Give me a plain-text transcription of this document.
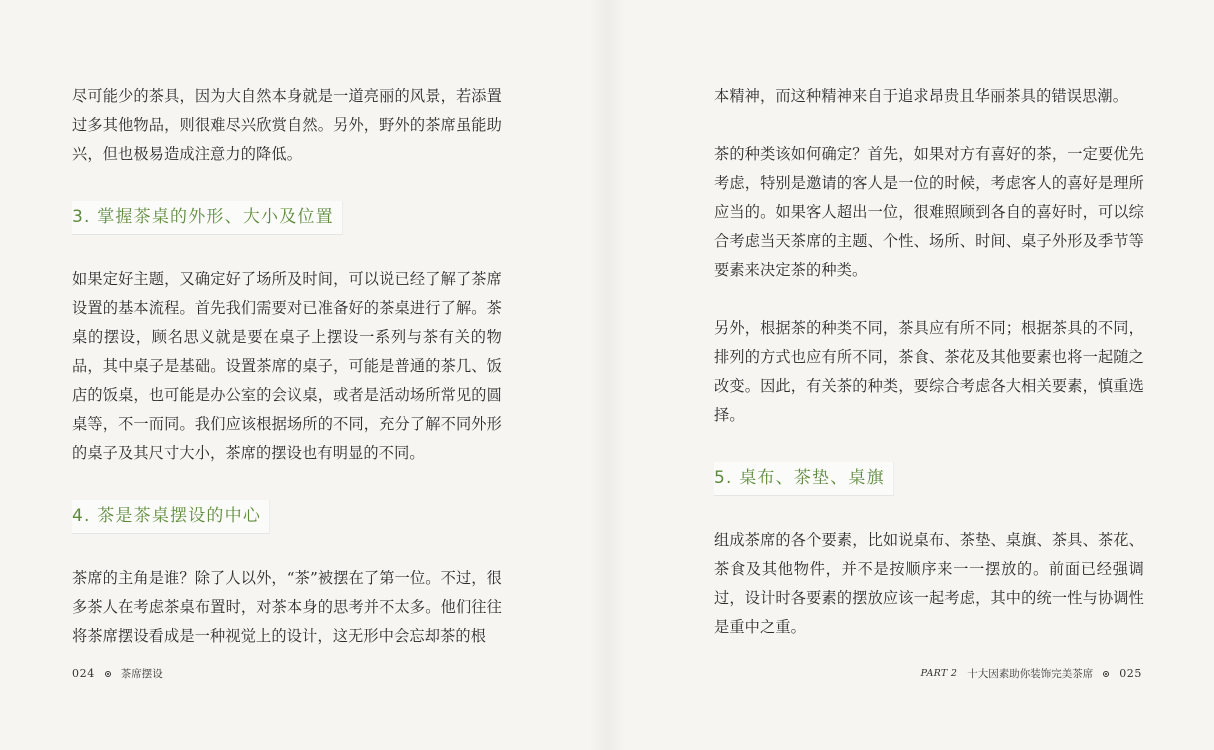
尽可能少的茶具，因为大自然本身就是一道亮丽的风景，若添置过多其他物品，则很难尽兴欣赏自然。另外，野外的茶席虽能助兴，但也极易造成注意力的降低。

3. 掌握茶桌的外形、大小及位置

如果定好主题，又确定好了场所及时间，可以说已经了解了茶席设置的基本流程。首先我们需要对已准备好的茶桌进行了解。茶桌的摆设，顾名思义就是要在桌子上摆设一系列与茶有关的物品，其中桌子是基础。设置茶席的桌子，可能是普通的茶几、饭店的饭桌，也可能是办公室的会议桌，或者是活动场所常见的圆桌等，不一而同。我们应该根据场所的不同，充分了解不同外形的桌子及其尺寸大小，茶席的摆设也有明显的不同。

4. 茶是茶桌摆设的中心

茶席的主角是谁？除了人以外，“茶”被摆在了第一位。不过，很多茶人在考虑茶桌布置时，对茶本身的思考并不太多。他们往往将茶席摆设看成是一种视觉上的设计，这无形中会忘却茶的根

024 茶席摆设

本精神，而这种精神来自于追求昂贵且华丽茶具的错误思潮。

茶的种类该如何确定？首先，如果对方有喜好的茶，一定要优先考虑，特别是邀请的客人是一位的时候，考虑客人的喜好是理所应当的。如果客人超出一位，很难照顾到各自的喜好时，可以综合考虑当天茶席的主题、个性、场所、时间、桌子外形及季节等要素来决定茶的种类。

另外，根据茶的种类不同，茶具应有所不同；根据茶具的不同，排列的方式也应有所不同，茶食、茶花及其他要素也将一起随之改变。因此，有关茶的种类，要综合考虑各大相关要素，慎重选择。

5. 桌布、茶垫、桌旗

组成茶席的各个要素，比如说桌布、茶垫、桌旗、茶具、茶花、茶食及其他物件，并不是按顺序来一一摆放的。前面已经强调过，设计时各要素的摆放应该一起考虑，其中的统一性与协调性是重中之重。

PART 2 十大因素助你装饰完美茶席 025
